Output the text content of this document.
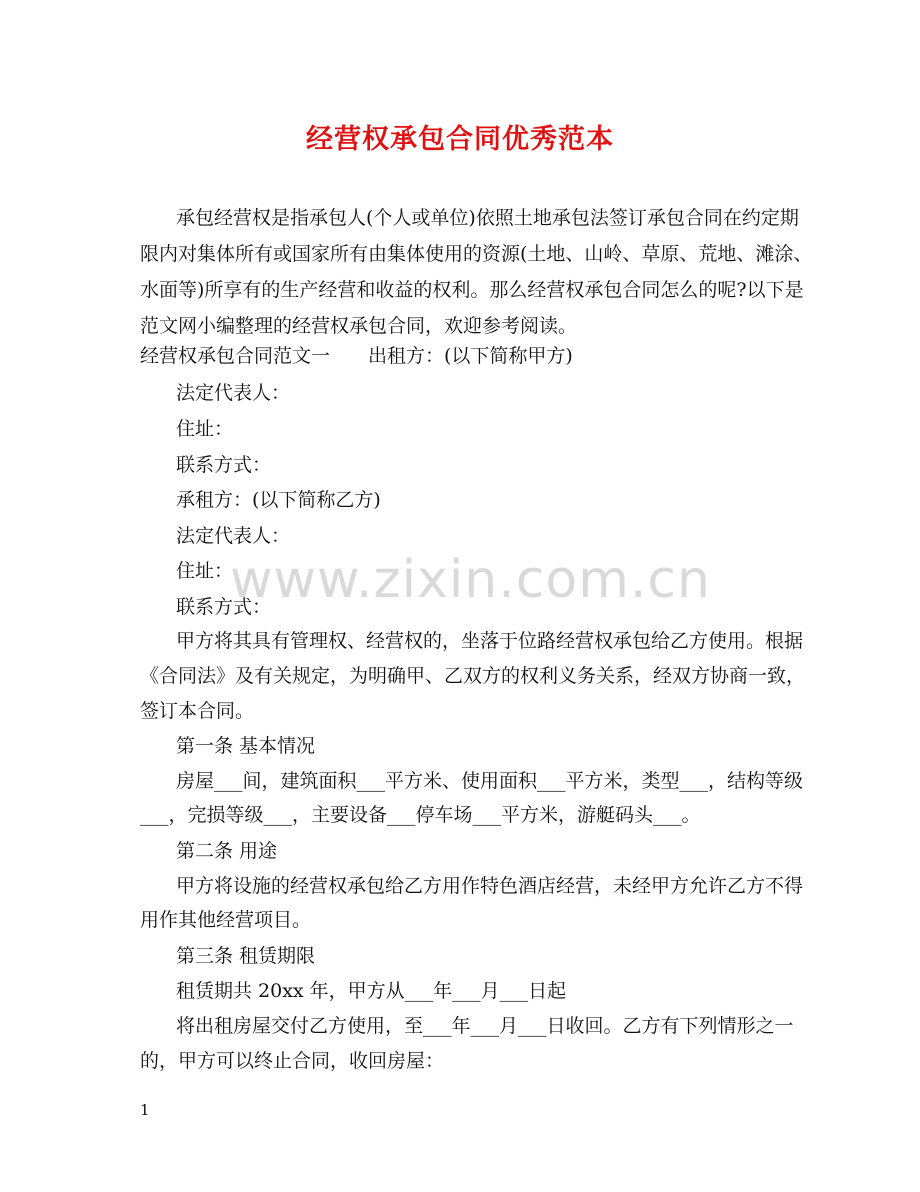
经营权承包合同优秀范本
www.zixin.com.cn
承包经营权是指承包人(个人或单位)依照土地承包法签订承包合同在约定期
限内对集体所有或国家所有由集体使用的资源(土地、山岭、草原、荒地、滩涂、
水面等)所享有的生产经营和收益的权利。那么经营权承包合同怎么的呢?以下是
范文网小编整理的经营权承包合同，欢迎参考阅读。
经营权承包合同范文一　　出租方：(以下简称甲方)
法定代表人：
住址：
联系方式：
承租方：(以下简称乙方)
法定代表人：
住址：
联系方式：
甲方将其具有管理权、经营权的，坐落于位路经营权承包给乙方使用。根据
《合同法》及有关规定，为明确甲、乙双方的权利义务关系，经双方协商一致，
签订本合同。
第一条 基本情况
房屋___间，建筑面积___平方米、使用面积___平方米，类型___，结构等级
___，完损等级___，主要设备___停车场___平方米，游艇码头___。
第二条 用途
甲方将设施的经营权承包给乙方用作特色酒店经营，未经甲方允许乙方不得
用作其他经营项目。
第三条 租赁期限
租赁期共 20xx 年，甲方从___年___月___日起
将出租房屋交付乙方使用，至___年___月___日收回。乙方有下列情形之一
的，甲方可以终止合同，收回房屋：
1
